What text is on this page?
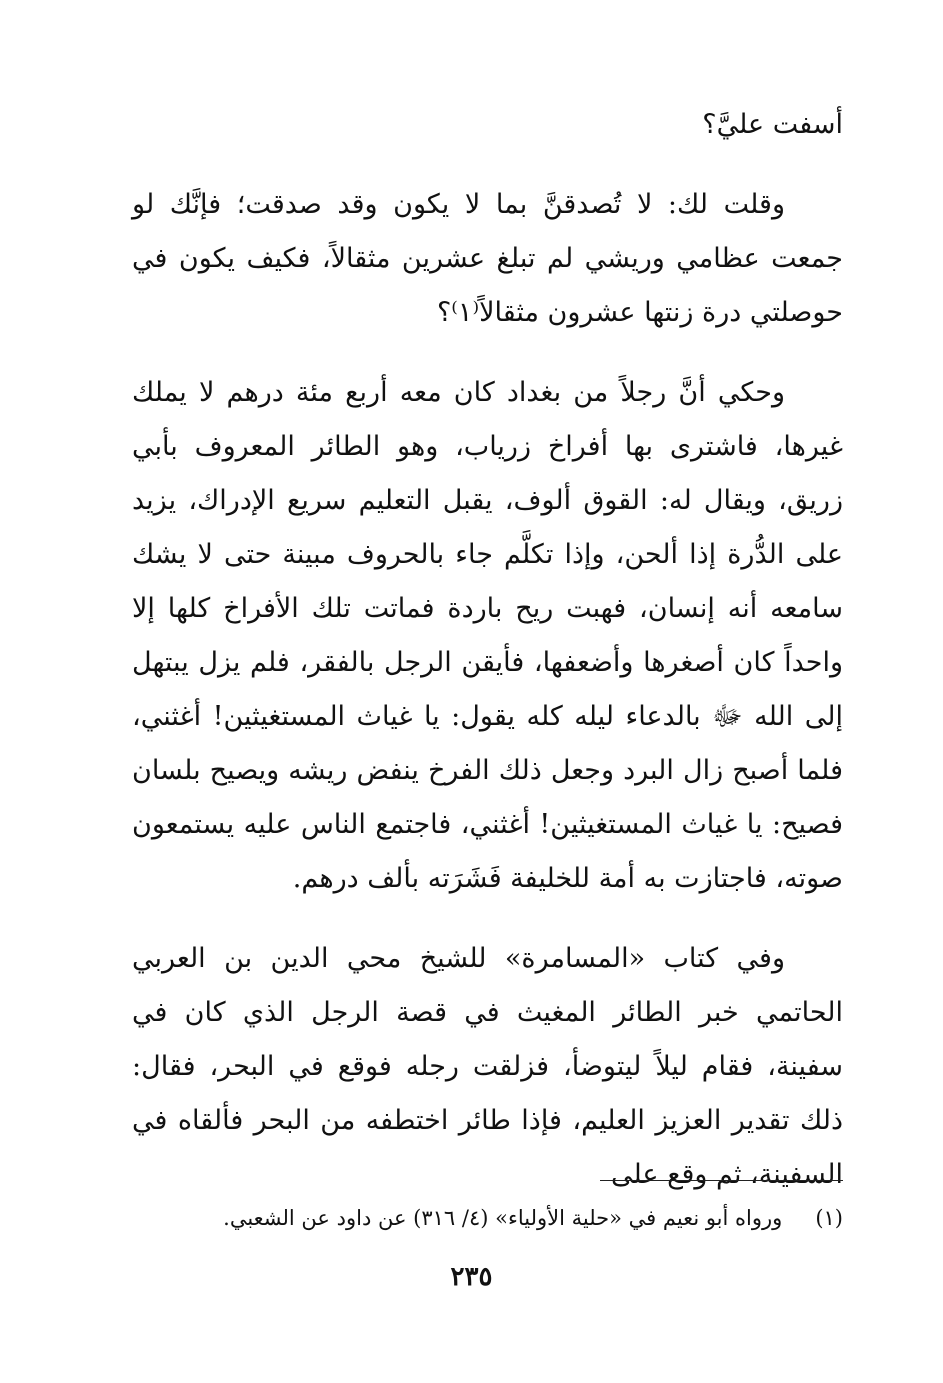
أسفت عليَّ؟

وقلت لك: لا تُصدقنَّ بما لا يكون وقد صدقت؛ فإنَّك لو جمعت عظامي وريشي لم تبلغ عشرين مثقالاً، فكيف يكون في حوصلتي درة زنتها عشرون مثقالاً⁽١⁾؟

وحكي أنَّ رجلاً من بغداد كان معه أربع مئة درهم لا يملك غيرها، فاشترى بها أفراخ زرياب، وهو الطائر المعروف بأبي زريق، ويقال له: القوق ألوف، يقبل التعليم سريع الإدراك، يزيد على الدُّرة إذا ألحن، وإذا تكلَّم جاء بالحروف مبينة حتى لا يشك سامعه أنه إنسان، فهبت ريح باردة فماتت تلك الأفراخ كلها إلا واحداً كان أصغرها وأضعفها، فأيقن الرجل بالفقر، فلم يزل يبتهل إلى الله ﷻ بالدعاء ليله كله يقول: يا غياث المستغيثين! أغثني، فلما أصبح زال البرد وجعل ذلك الفرخ ينفض ريشه ويصيح بلسان فصيح: يا غياث المستغيثين! أغثني، فاجتمع الناس عليه يستمعون صوته، فاجتازت به أمة للخليفة فَشَرَته بألف درهم.

وفي كتاب «المسامرة» للشيخ محي الدين بن العربي الحاتمي خبر الطائر المغيث في قصة الرجل الذي كان في سفينة، فقام ليلاً ليتوضأ، فزلقت رجله فوقع في البحر، فقال: ذلك تقدير العزيز العليم، فإذا طائر اختطفه من البحر فألقاه في السفينة، ثم وقع على

(١) ورواه أبو نعيم في «حلية الأولياء» (٤/ ٣١٦) عن داود عن الشعبي.
٢٣٥
